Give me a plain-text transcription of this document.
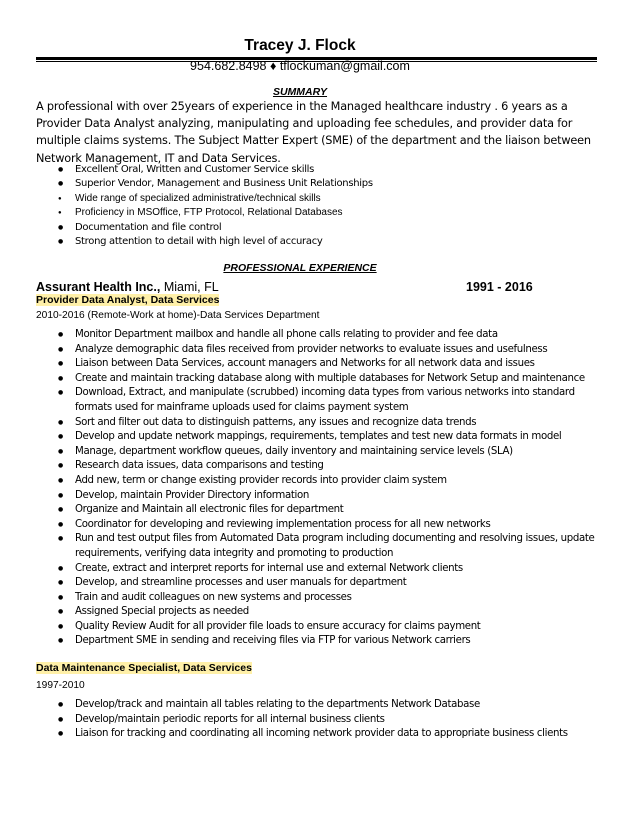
Tracey J. Flock
954.682.8498 ♦ tflockuman@gmail.com
SUMMARY
A professional with over 25years of experience in the Managed healthcare industry . 6 years as a Provider Data Analyst analyzing, manipulating and uploading fee schedules, and provider data for multiple claims systems. The Subject Matter Expert (SME) of the department and the liaison between Network Management, IT and Data Services.
● Excellent Oral, Written and Customer Service skills
● Superior Vendor, Management and Business Unit Relationships
● Wide range of specialized administrative/technical skills
● Proficiency in MSOffice, FTP Protocol, Relational Databases
● Documentation and file control
● Strong attention to detail with high level of accuracy
PROFESSIONAL EXPERIENCE
Assurant Health Inc., Miami, FL	1991 - 2016
Provider Data Analyst, Data Services
2010-2016 (Remote-Work at home)-Data Services Department
● Monitor Department mailbox and handle all phone calls relating to provider and fee data
● Analyze demographic data files received from provider networks to evaluate issues and usefulness
● Liaison between Data Services, account managers and Networks for all network data and issues
● Create and maintain tracking database along with multiple databases for Network Setup and maintenance
● Download, Extract, and manipulate (scrubbed) incoming data types from various networks into standard formats used for mainframe uploads used for claims payment system
● Sort and filter out data to distinguish patterns, any issues and recognize data trends
● Develop and update network mappings, requirements, templates and test new data formats in model
● Manage, department workflow queues, daily inventory and maintaining service levels (SLA)
● Research data issues, data comparisons and testing
● Add new, term or change existing provider records into provider claim system
● Develop, maintain Provider Directory information
● Organize and Maintain all electronic files for department
● Coordinator for developing and reviewing implementation process for all new networks
● Run and test output files from Automated Data program including documenting and resolving issues, update requirements, verifying data integrity and promoting to production
● Create, extract and interpret reports for internal use and external Network clients
● Develop, and streamline processes and user manuals for department
● Train and audit colleagues on new systems and processes
● Assigned Special projects as needed
● Quality Review Audit for all provider file loads to ensure accuracy for claims payment
● Department SME in sending and receiving files via FTP for various Network carriers
Data Maintenance Specialist, Data Services
1997-2010
● Develop/track and maintain all tables relating to the departments Network Database
● Develop/maintain periodic reports for all internal business clients
● Liaison for tracking and coordinating all incoming network provider data to appropriate business clients
